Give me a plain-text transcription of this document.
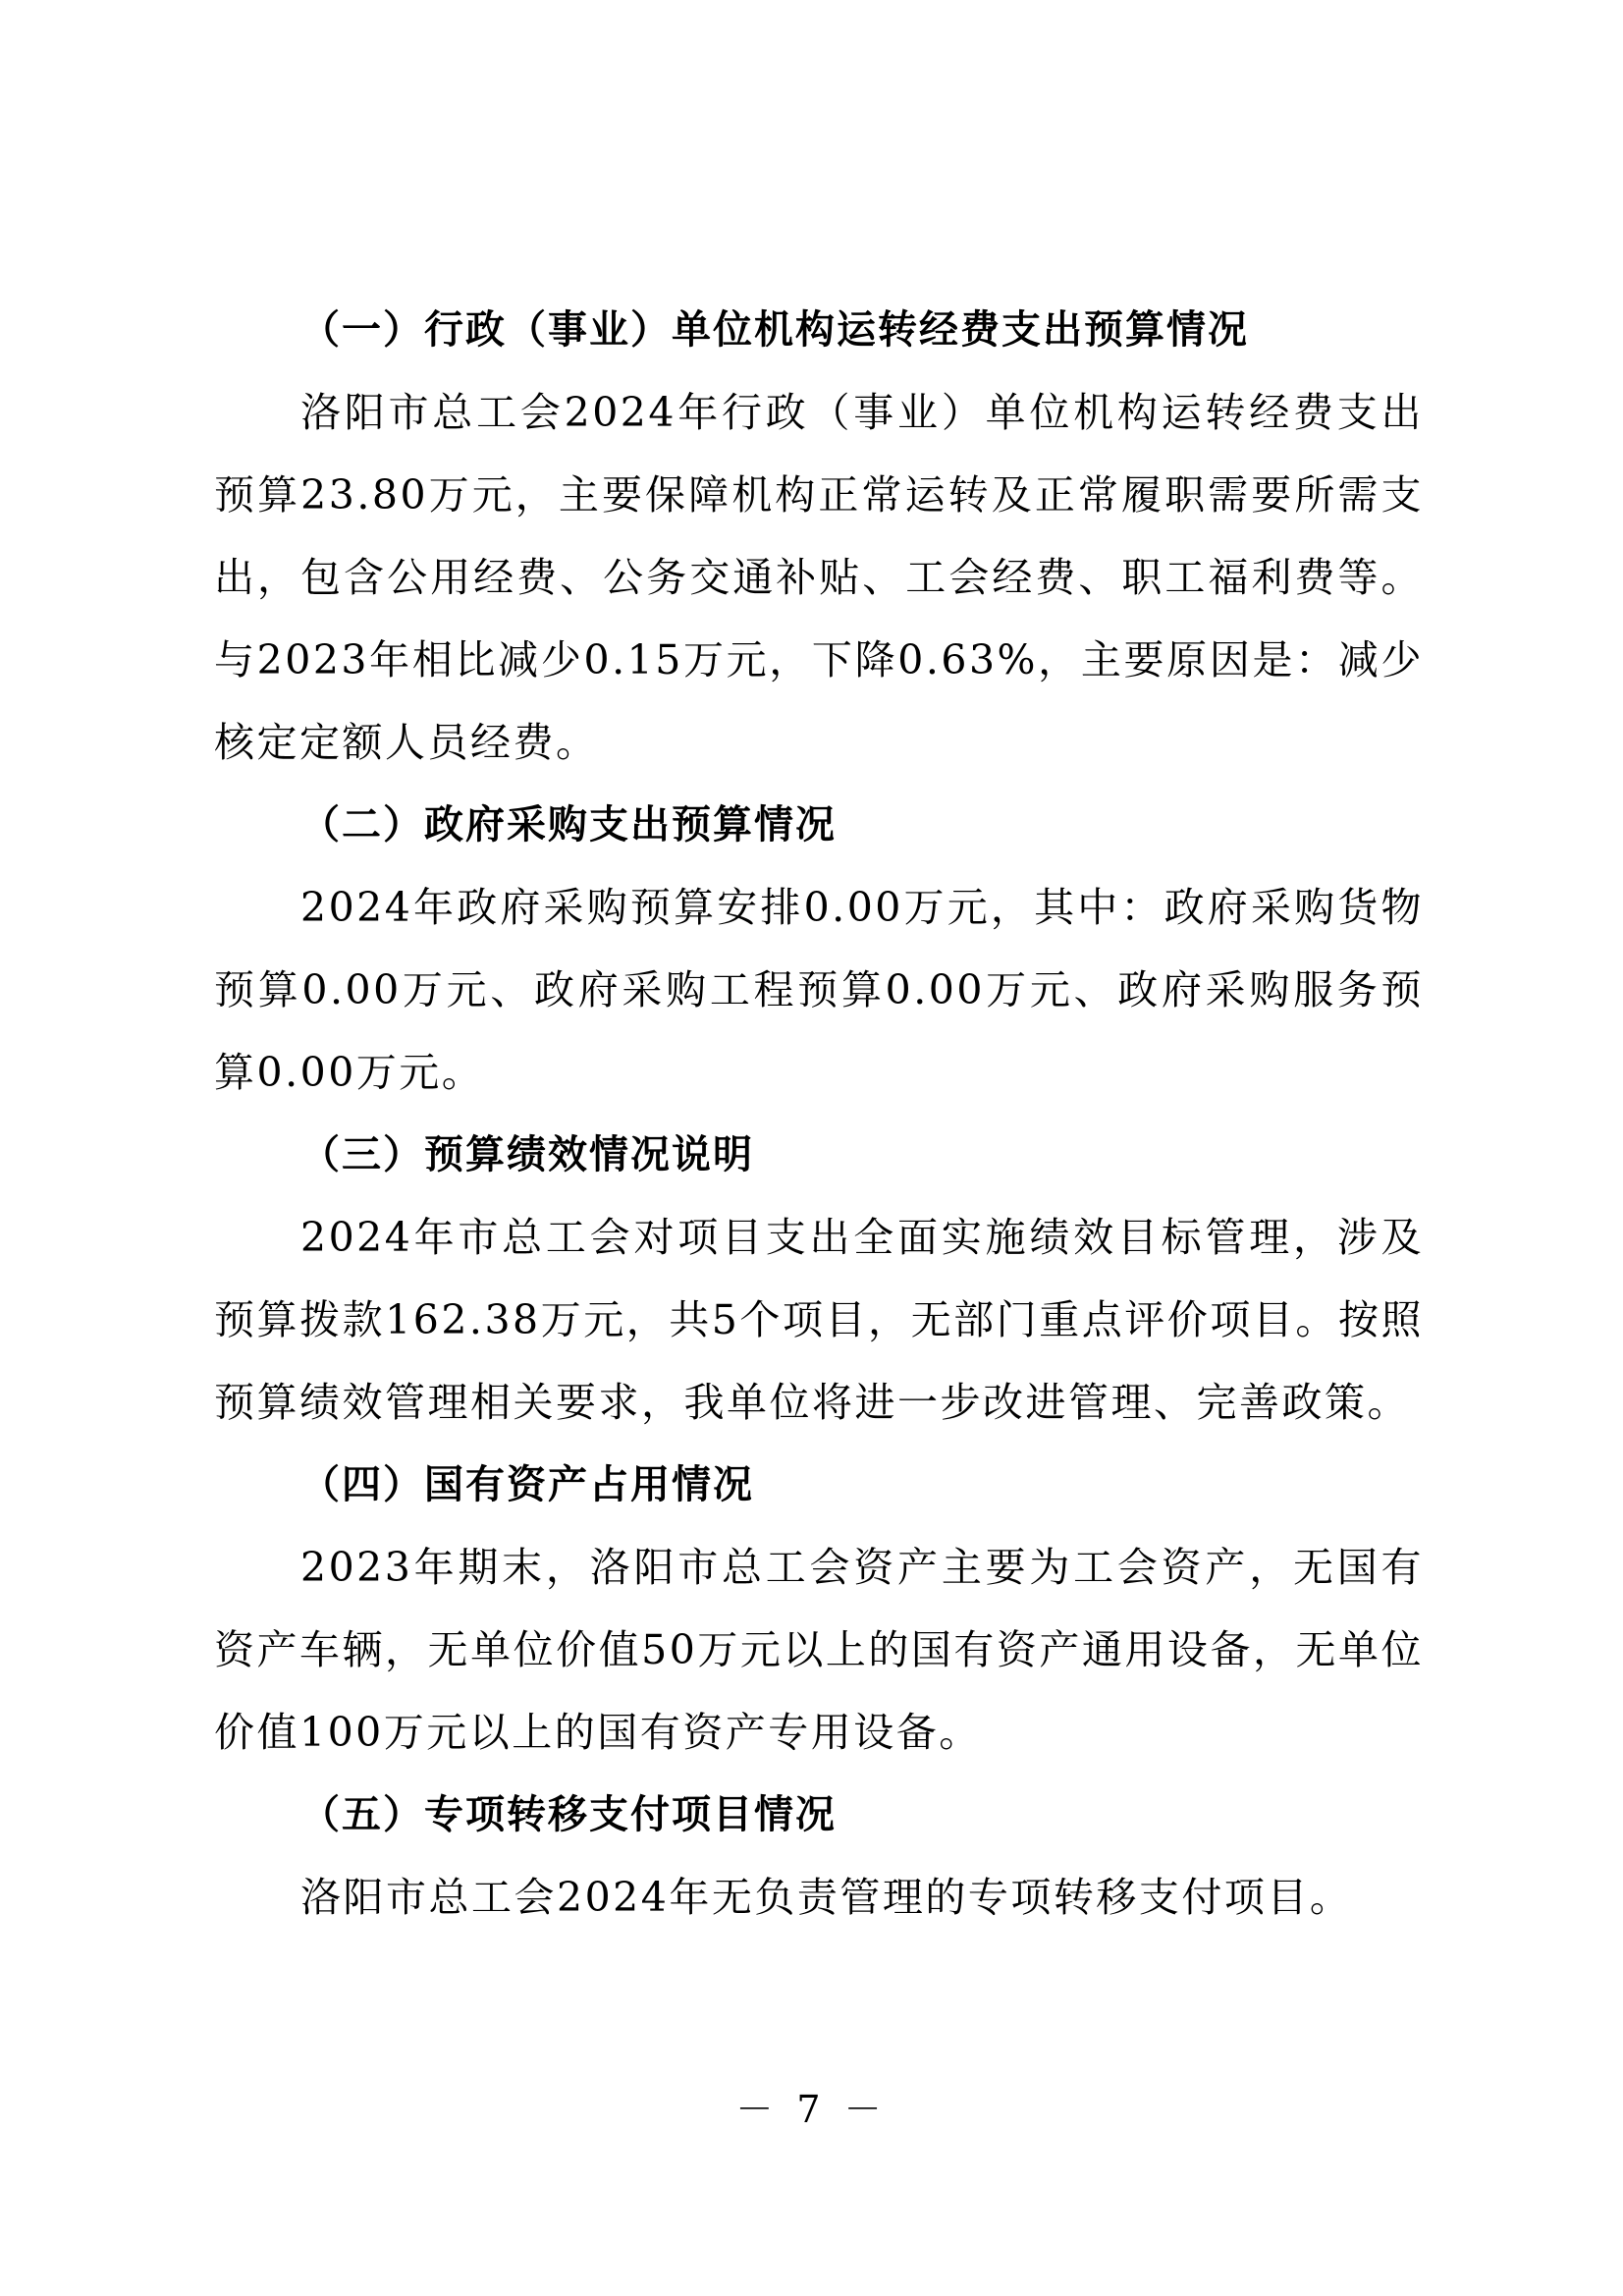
（一）行政（事业）单位机构运转经费支出预算情况

洛阳市总工会2024年行政（事业）单位机构运转经费支出预算23.80万元，主要保障机构正常运转及正常履职需要所需支出，包含公用经费、公务交通补贴、工会经费、职工福利费等。与2023年相比减少0.15万元，下降0.63%，主要原因是：减少核定定额人员经费。

（二）政府采购支出预算情况

2024年政府采购预算安排0.00万元，其中：政府采购货物预算0.00万元、政府采购工程预算0.00万元、政府采购服务预算0.00万元。

（三）预算绩效情况说明

2024年市总工会对项目支出全面实施绩效目标管理，涉及预算拨款162.38万元，共5个项目，无部门重点评价项目。按照预算绩效管理相关要求，我单位将进一步改进管理、完善政策。

（四）国有资产占用情况

2023年期末，洛阳市总工会资产主要为工会资产，无国有资产车辆，无单位价值50万元以上的国有资产通用设备，无单位价值100万元以上的国有资产专用设备。

（五）专项转移支付项目情况

洛阳市总工会2024年无负责管理的专项转移支付项目。

－ 7 －
